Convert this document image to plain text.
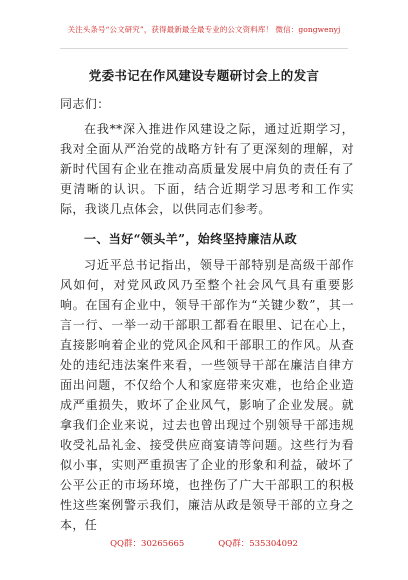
关注头条号“公文研究”，获得最新最全最专业的公文资料库！ 微信：gongwenyj
党委书记在作风建设专题研讨会上的发言
同志们：
在我**深入推进作风建设之际，通过近期学习，我对全面从严治党的战略方针有了更深刻的理解，对新时代国有企业在推动高质量发展中肩负的责任有了更清晰的认识。下面，结合近期学习思考和工作实际，我谈几点体会，以供同志们参考。
一、当好“领头羊”，始终坚持廉洁从政
习近平总书记指出，领导干部特别是高级干部作风如何，对党风政风乃至整个社会风气具有重要影响。在国有企业中，领导干部作为“关键少数”，其一言一行、一举一动干部职工都看在眼里、记在心上，直接影响着企业的党风企风和干部职工的作风。从查处的违纪违法案件来看，一些领导干部在廉洁自律方面出问题，不仅给个人和家庭带来灾难，也给企业造成严重损失，败坏了企业风气，影响了企业发展。就拿我们企业来说，过去也曾出现过个别领导干部违规收受礼品礼金、接受供应商宴请等问题。这些行为看似小事，实则严重损害了企业的形象和利益，破坏了公平公正的市场环境，也挫伤了广大干部职工的积极性这些案例警示我们，廉洁从政是领导干部的立身之本，任
QQ群：30265665	QQ群：535304092
